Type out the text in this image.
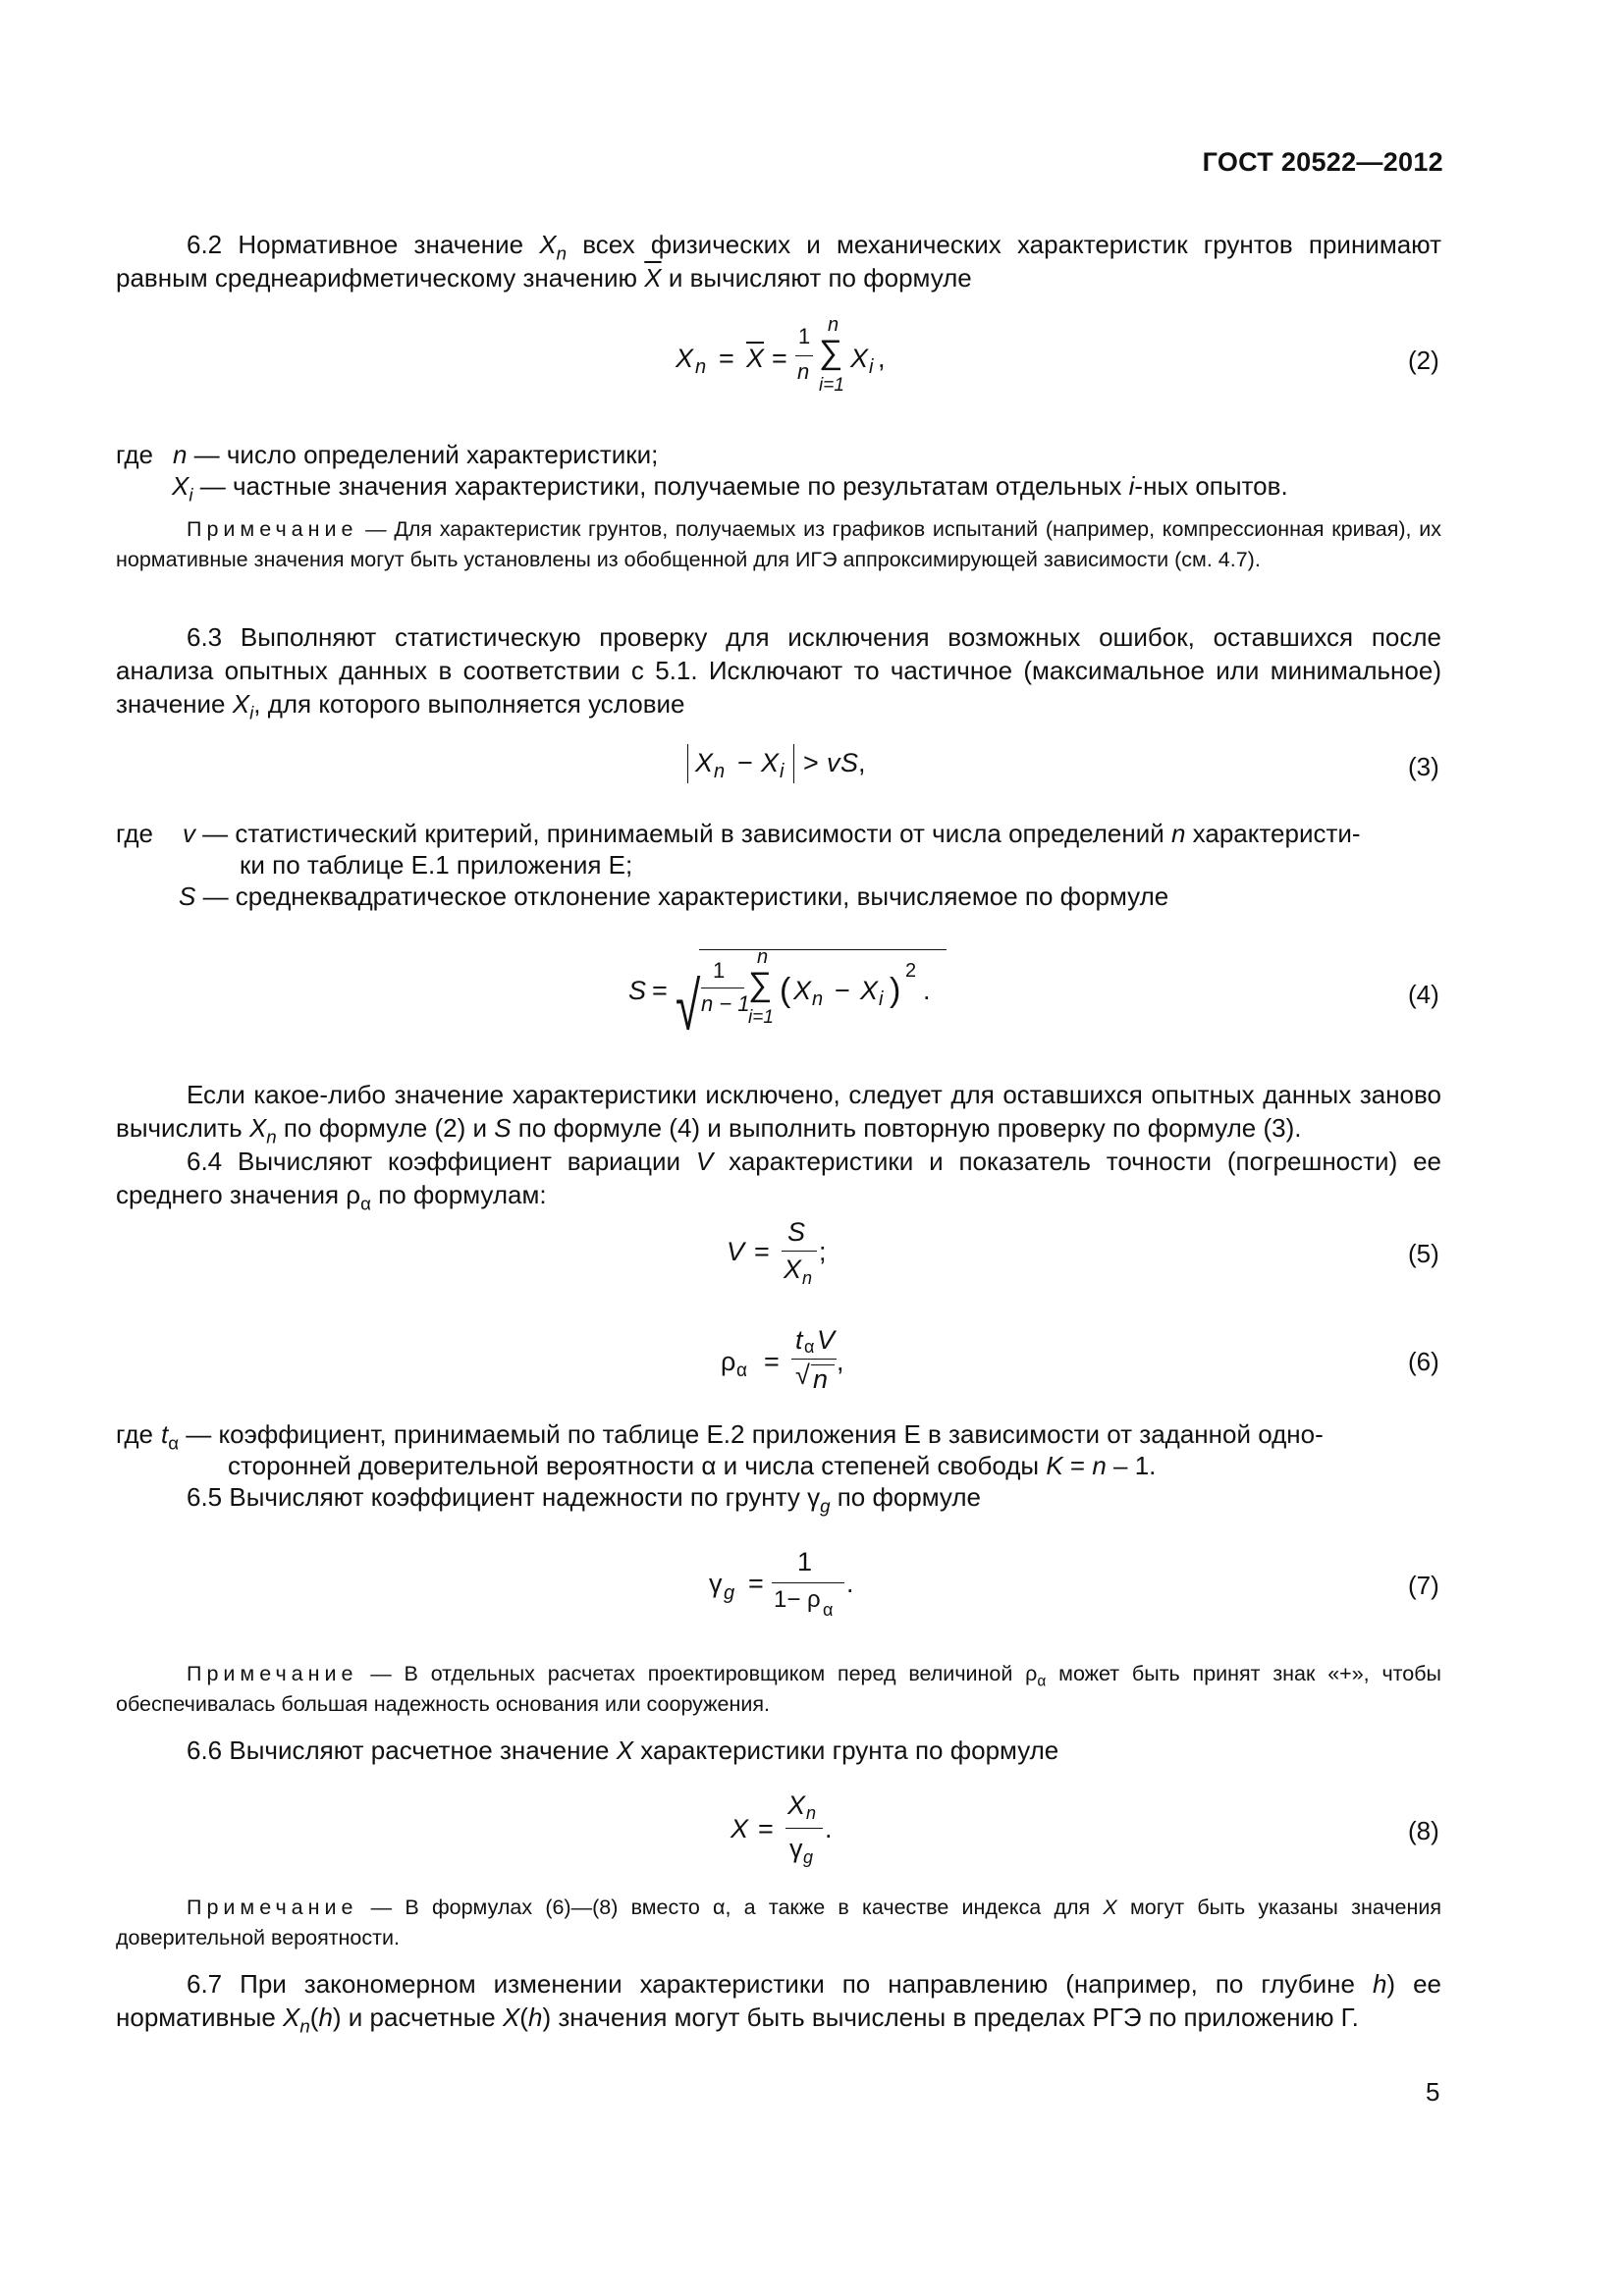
ГОСТ 20522—2012
6.2 Нормативное значение $X_n$ всех физических и механических характеристик грунтов принимают равным среднеарифметическому значению $\overline{X}$ и вычисляют по формуле
X $n = \overline{X}$ =
1
n
n
∑
i=1
X i ,	(2)
где n — число определений характеристики;
$X_i$ — частные значения характеристики, получаемые по результатам отдельных i-ных опытов.
Примечание — Для характеристик грунтов, получаемых из графиков испытаний (например, компрессионная кривая), их нормативные значения могут быть установлены из обобщенной для ИГЭ аппроксимирующей зависимости (см. 4.7).
6.3 Выполняют статистическую проверку для исключения возможных ошибок, оставшихся после анализа опытных данных в соответствии с 5.1. Исключают то частичное (максимальное или минимальное) значение $X_i$, для которого выполняется условие
X n − X i > v S ,	(3)
где v — статистический критерий, принимаемый в зависимости от числа определений n характеристи-
ки по таблице Е.1 приложения Е;
S — среднеквадратическое отклонение характеристики, вычисляемое по формуле
S = √ 1
n − 1
n
∑
i=1
( X n − X i )
2
.	(4)
Если какое-либо значение характеристики исключено, следует для оставшихся опытных данных заново вычислить $X_n$ по формуле (2) и S по формуле (4) и выполнить повторную проверку по формуле (3).
6.4 Вычисляют коэффициент вариации V характеристики и показатель точности (погрешности) ее среднего значения $\rho_\alpha$ по формулам:
V =
S
X n
;	(5)
ρ α =
t α V
√ n
,	(6)
где $t_\alpha$ — коэффициент, принимаемый по таблице Е.2 приложения Е в зависимости от заданной одно-
сторонней доверительной вероятности α и числа степеней свободы K = n – 1.
6.5 Вычисляют коэффициент надежности по грунту $\gamma_g$ по формуле
γ g =
1
1− ρ α
.	(7)
Примечание — В отдельных расчетах проектировщиком перед величиной $\rho_\alpha$ может быть принят знак «+», чтобы обеспечивалась большая надежность основания или сооружения.
6.6 Вычисляют расчетное значение X характеристики грунта по формуле
X =
X n
γ g
.	(8)
Примечание — В формулах (6)—(8) вместо α, а также в качестве индекса для X могут быть указаны значения доверительной вероятности.
6.7 При закономерном изменении характеристики по направлению (например, по глубине h) ее нормативные $X_n(h)$ и расчетные X(h) значения могут быть вычислены в пределах РГЭ по приложению Г.
5
